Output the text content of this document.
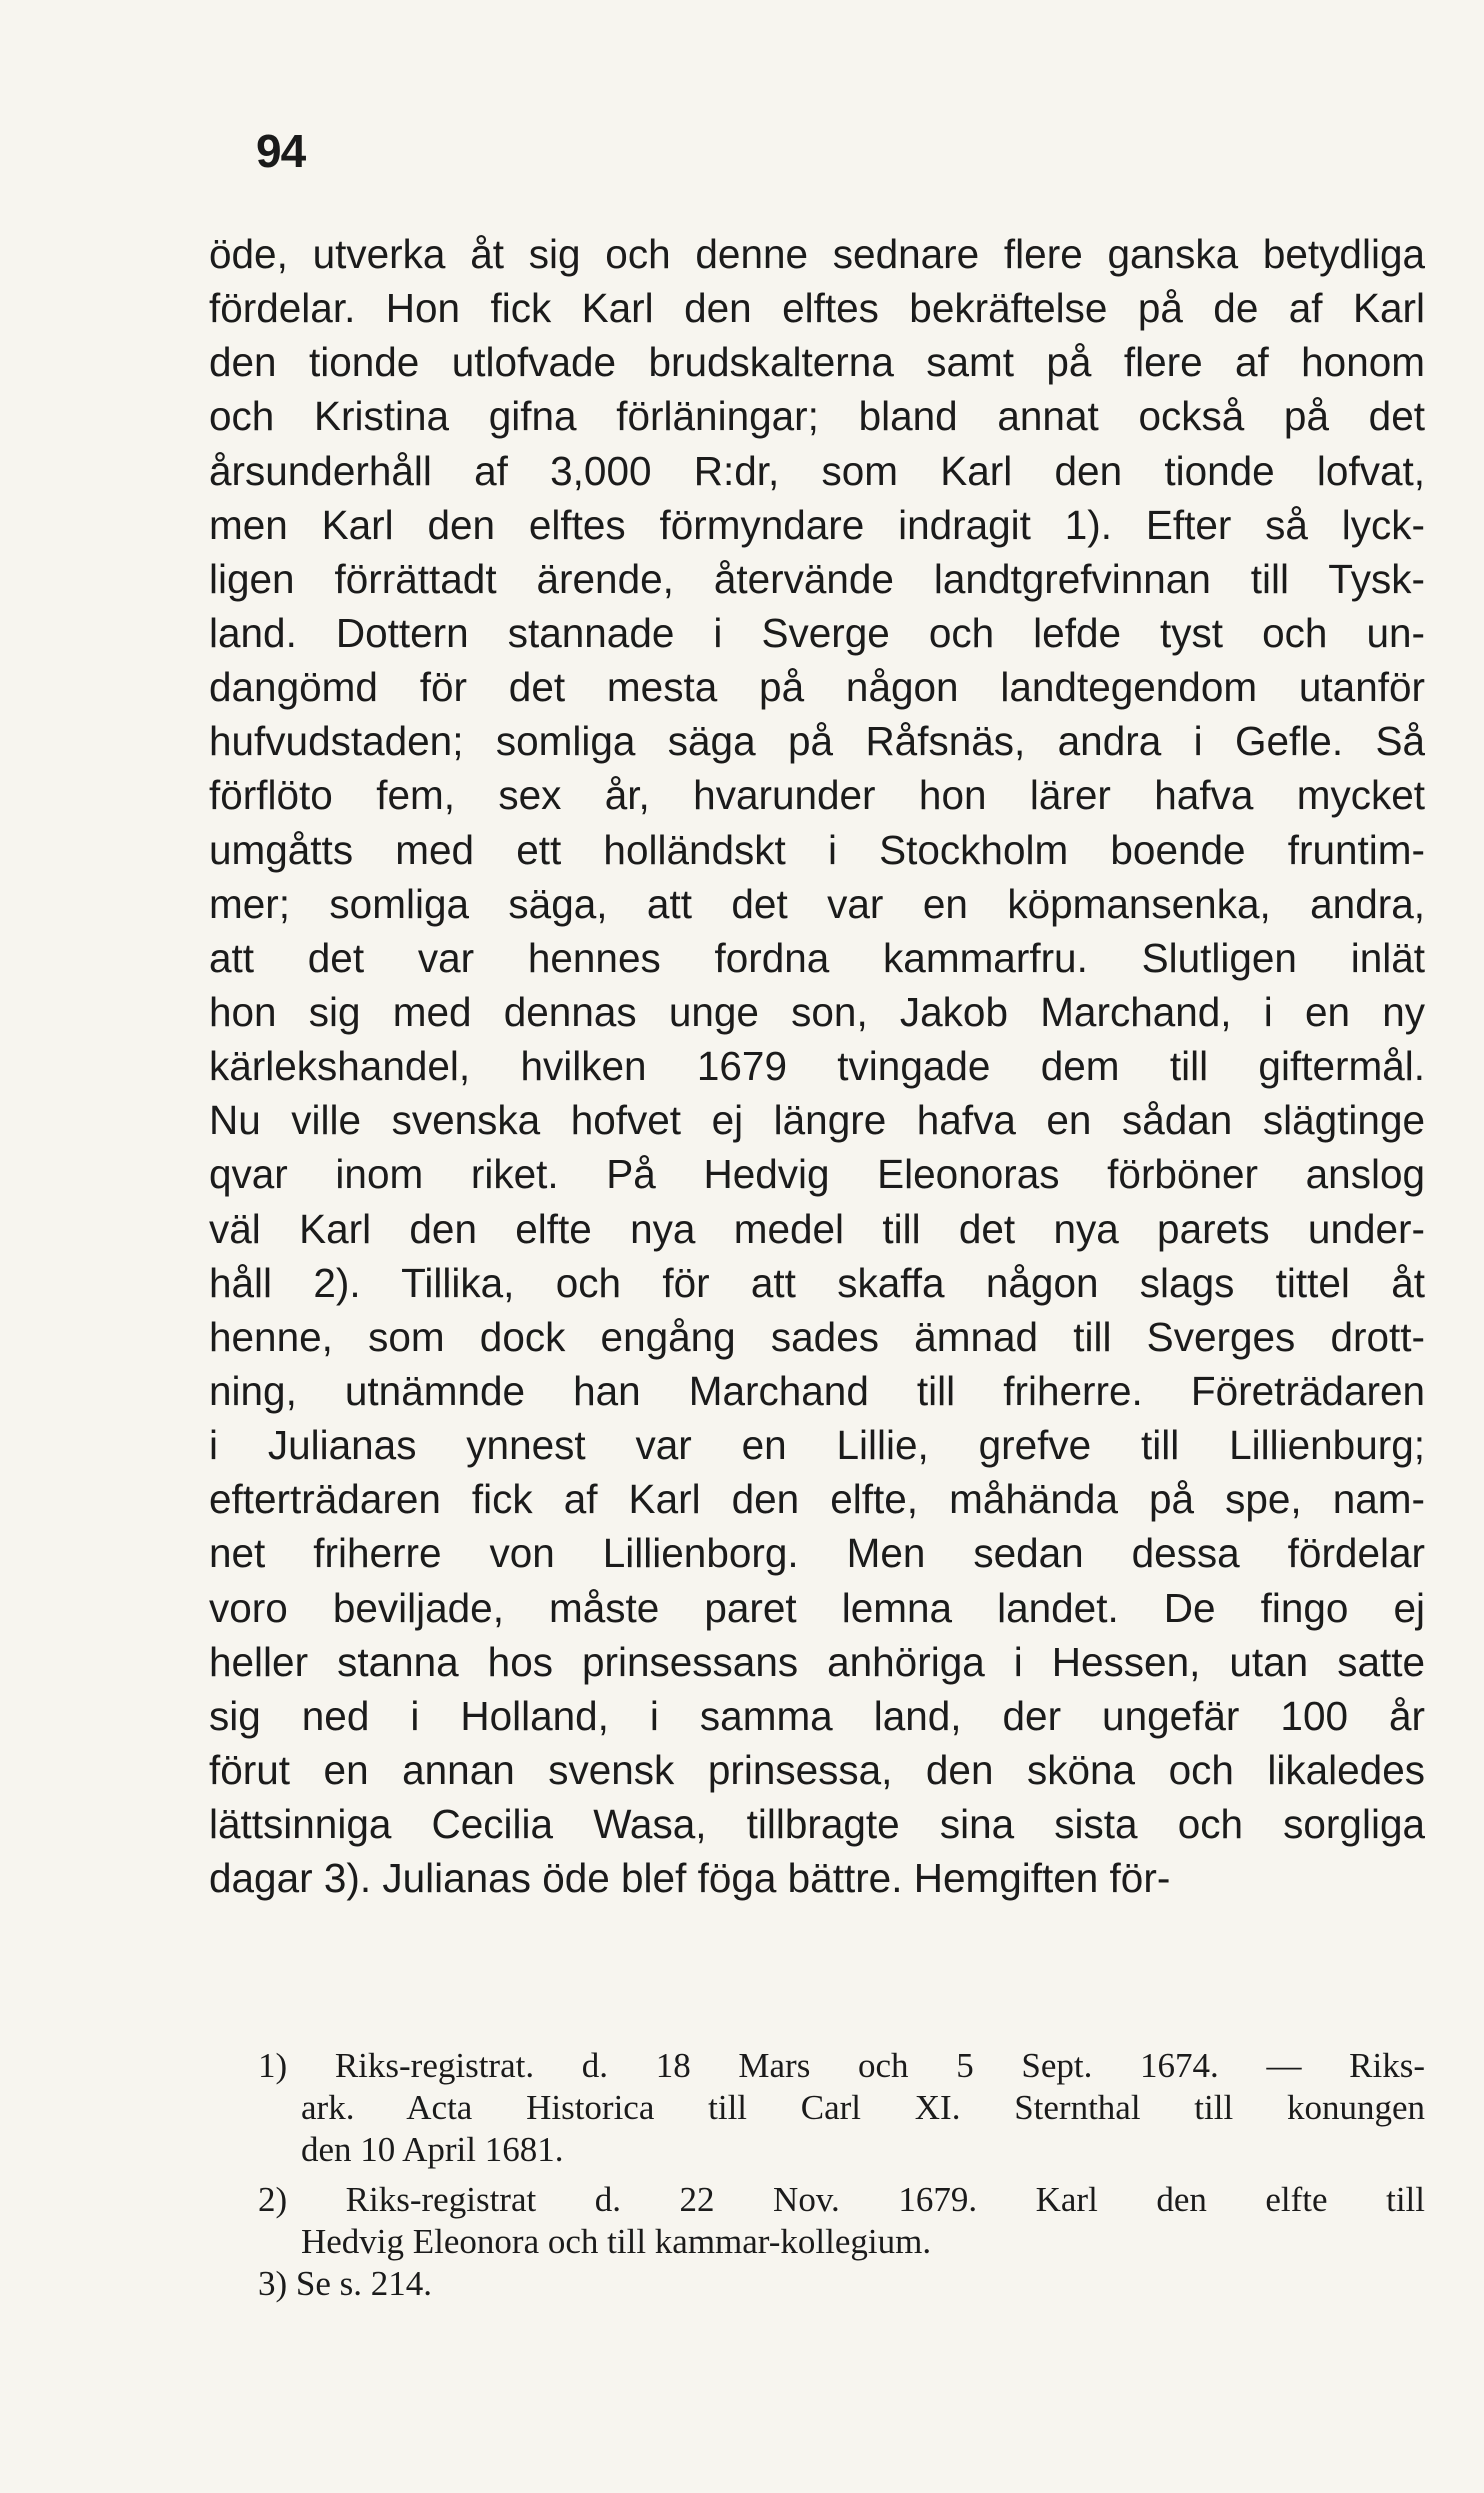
94
öde, utverka åt sig och denne sednare flere ganska betydliga
fördelar. Hon fick Karl den elftes bekräftelse på de af Karl
den tionde utlofvade brudskalterna samt på flere af honom
och Kristina gifna förläningar; bland annat också på det
årsunderhåll af 3,000 R:dr, som Karl den tionde lofvat,
men Karl den elftes förmyndare indragit 1). Efter så lyck-
ligen förrättadt ärende, återvände landtgrefvinnan till Tysk-
land. Dottern stannade i Sverge och lefde tyst och un-
dangömd för det mesta på någon landtegendom utanför
hufvudstaden; somliga säga på Råfsnäs, andra i Gefle. Så
förflöto fem, sex år, hvarunder hon lärer hafva mycket
umgåtts med ett holländskt i Stockholm boende fruntim-
mer; somliga säga, att det var en köpmansenka, andra,
att det var hennes fordna kammarfru. Slutligen inlät
hon sig med dennas unge son, Jakob Marchand, i en ny
kärlekshandel, hvilken 1679 tvingade dem till giftermål.
Nu ville svenska hofvet ej längre hafva en sådan slägtinge
qvar inom riket. På Hedvig Eleonoras förböner anslog
väl Karl den elfte nya medel till det nya parets under-
håll 2). Tillika, och för att skaffa någon slags tittel åt
henne, som dock engång sades ämnad till Sverges drott-
ning, utnämnde han Marchand till friherre. Företrädaren
i Julianas ynnest var en Lillie, grefve till Lillienburg;
efterträdaren fick af Karl den elfte, måhända på spe, nam-
net friherre von Lillienborg. Men sedan dessa fördelar
voro beviljade, måste paret lemna landet. De fingo ej
heller stanna hos prinsessans anhöriga i Hessen, utan satte
sig ned i Holland, i samma land, der ungefär 100 år
förut en annan svensk prinsessa, den sköna och likaledes
lättsinniga Cecilia Wasa, tillbragte sina sista och sorgliga
dagar 3). Julianas öde blef föga bättre. Hemgiften för-
1) Riks-registrat. d. 18 Mars och 5 Sept. 1674. — Riks-
ark. Acta Historica till Carl XI. Sternthal till konungen
den 10 April 1681.
2) Riks-registrat d. 22 Nov. 1679. Karl den elfte till
Hedvig Eleonora och till kammar-kollegium.
3) Se s. 214.
